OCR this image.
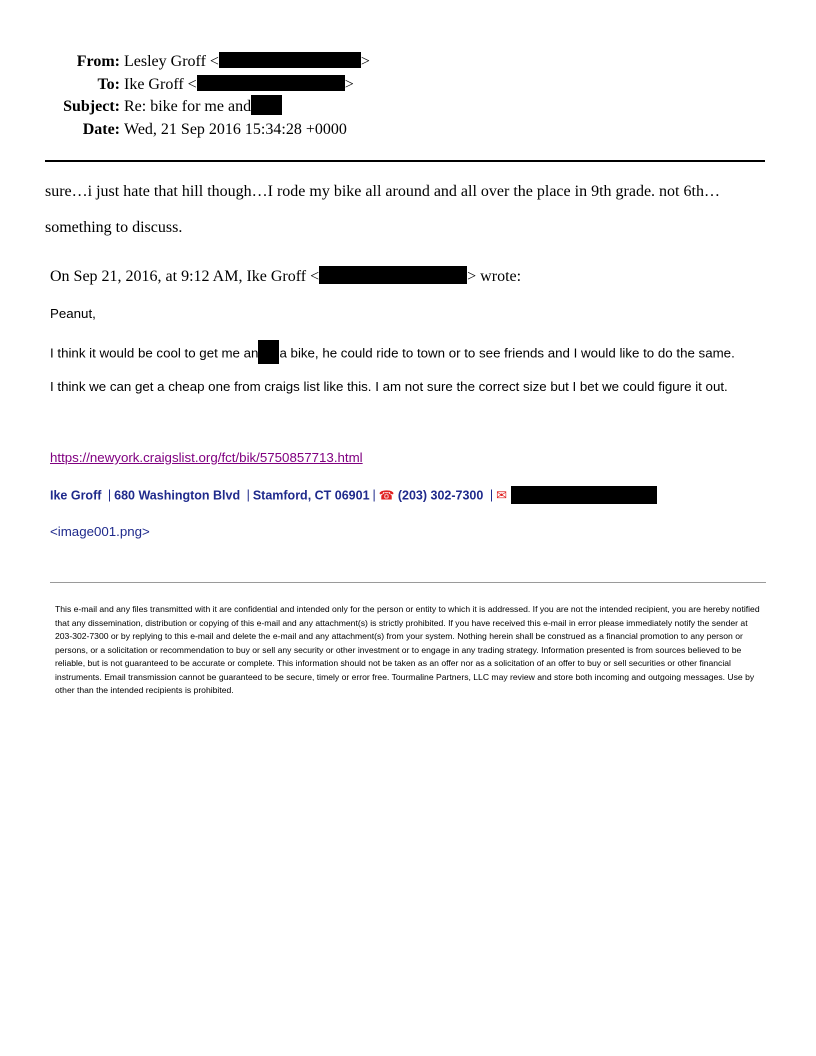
From: Lesley Groff <	>
To: Ike Groff <	>
Subject: Re: bike for me and
Date: Wed, 21 Sep 2016 15:34:28 +0000
sure…i just hate that hill though…I rode my bike all around and all over the place in 9th grade. not 6th…
something to discuss.
On Sep 21, 2016, at 9:12 AM, Ike Groff <	> wrote:
Peanut,
I think it would be cool to get me an a bike, he could ride to town or to see friends and I would like to do the same.
I think we can get a cheap one from craigs list like this. I am not sure the correct size but I bet we could figure it out.
https://newyork.craigslist.org/fct/bik/5750857713.html
Ike Groff | 680 Washington Blvd | Stamford, CT 06901 | ☎ (203) 302-7300 | ✉
<image001.png>
This e-mail and any files transmitted with it are confidential and intended only for the person or entity to which it is addressed. If you are not the intended recipient, you are hereby notified that any dissemination, distribution or copying of this e-mail and any attachment(s) is strictly prohibited. If you have received this e-mail in error please immediately notify the sender at 203-302-7300 or by replying to this e-mail and delete the e-mail and any attachment(s) from your system. Nothing herein shall be construed as a financial promotion to any person or persons, or a solicitation or recommendation to buy or sell any security or other investment or to engage in any trading strategy. Information presented is from sources believed to be reliable, but is not guaranteed to be accurate or complete. This information should not be taken as an offer nor as a solicitation of an offer to buy or sell securities or other financial instruments. Email transmission cannot be guaranteed to be secure, timely or error free. Tourmaline Partners, LLC may review and store both incoming and outgoing messages. Use by other than the intended recipients is prohibited.
